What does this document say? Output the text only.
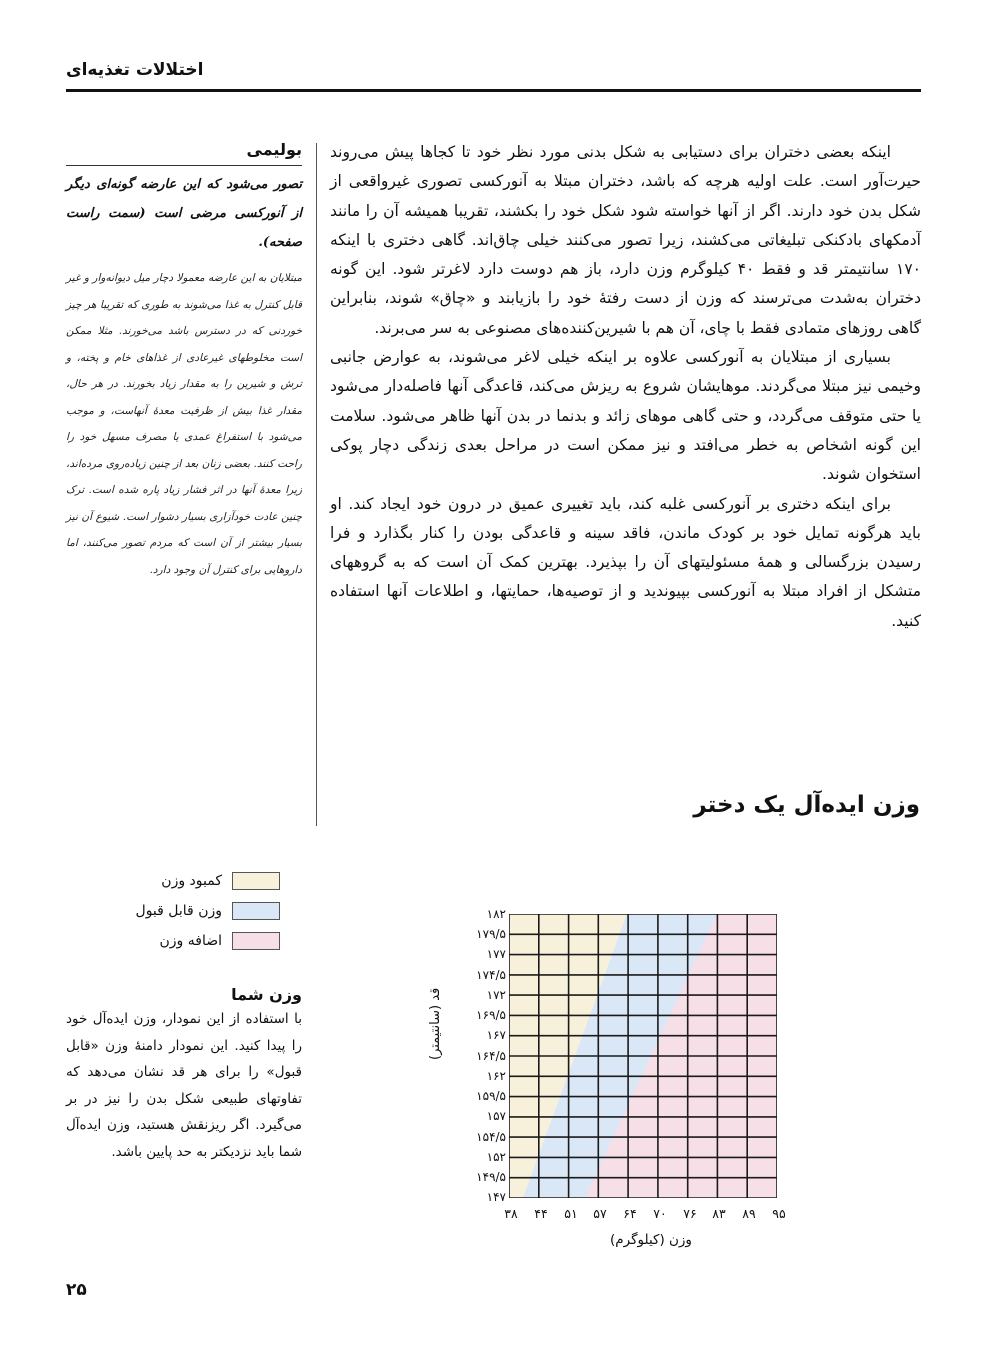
اختلالات تغذیه‌ای
بولیمی

تصور می‌شود که این عارضه گونه‌ای دیگر از آنورکسی مرضی است (سمت راست صفحه).

مبتلایان به این عارضه معمولا دچار میل دیوانه‌وار و غیر قابل کنترل به غذا می‌شوند به طوری که تقریبا هر چیز خوردنی که در دسترس باشد می‌خورند. مثلا ممکن است مخلوطهای غیرعادی از غذاهای خام و پخته، و ترش و شیرین را به مقدار زیاد بخورند. در هر حال، مقدار غذا بیش از ظرفیت معدهٔ آنهاست، و موجب می‌شود با استفراغ عمدی یا مصرف مسهل خود را راحت کنند. بعضی زنان بعد از چنین زیاده‌روی مرده‌اند، زیرا معدهٔ آنها در اثر فشار زیاد پاره شده است. ترک چنین عادت خودآزاری بسیار دشوار است. شیوع آن نیز بسیار بیشتر از آن است که مردم تصور می‌کنند، اما داروهایی برای کنترل آن وجود دارد.

اینکه بعضی دختران برای دستیابی به شکل بدنی مورد نظر خود تا کجاها پیش می‌روند حیرت‌آور است. علت اولیه هرچه که باشد، دختران مبتلا به آنورکسی تصوری غیرواقعی از شکل بدن خود دارند. اگر از آنها خواسته شود شکل خود را بکشند، تقریبا همیشه آن را مانند آدمکهای بادکنکی تبلیغاتی می‌کشند، زیرا تصور می‌کنند خیلی چاق‌اند. گاهی دختری با اینکه ۱۷۰ سانتیمتر قد و فقط ۴۰ کیلوگرم وزن دارد، باز هم دوست دارد لاغرتر شود. این گونه دختران به‌شدت می‌ترسند که وزن از دست رفتهٔ خود را بازیابند و «چاق» شوند، بنابراین گاهی روزهای متمادی فقط با چای، آن هم با شیرین‌کننده‌های مصنوعی به سر می‌برند.

بسیاری از مبتلایان به آنورکسی علاوه بر اینکه خیلی لاغر می‌شوند، به عوارض جانبی وخیمی نیز مبتلا می‌گردند. موهایشان شروع به ریزش می‌کند، قاعدگی آنها فاصله‌دار می‌شود یا حتی متوقف می‌گردد، و حتی گاهی موهای زائد و بدنما در بدن آنها ظاهر می‌شود. سلامت این گونه اشخاص به خطر می‌افتد و نیز ممکن است در مراحل بعدی زندگی دچار پوکی استخوان شوند.

برای اینکه دختری بر آنورکسی غلبه کند، باید تغییری عمیق در درون خود ایجاد کند. او باید هرگونه تمایل خود بر کودک ماندن، فاقد سینه و قاعدگی بودن را کنار بگذارد و فرا رسیدن بزرگسالی و همهٔ مسئولیتهای آن را بپذیرد. بهترین کمک آن است که به گروههای متشکل از افراد مبتلا به آنورکسی بپیوندید و از توصیه‌ها، حمایتها، و اطلاعات آنها استفاده کنید.

وزن ایده‌آل یک دختر
کمبود وزن
وزن قابل قبول
اضافه وزن
وزن شما

با استفاده از این نمودار، وزن ایده‌آل خود را پیدا کنید. این نمودار دامنهٔ وزن «قابل قبول» را برای هر قد نشان می‌دهد که تفاوتهای طبیعی شکل بدن را نیز در بر می‌گیرد. اگر ریزنقش هستید، وزن ایده‌آل شما باید نزدیکتر به حد پایین باشد.

۱۸۲
۱۷۹/۵
۱۷۷
۱۷۴/۵
۱۷۲
۱۶۹/۵
۱۶۷
۱۶۴/۵
۱۶۲
۱۵۹/۵
۱۵۷
۱۵۴/۵
۱۵۲
۱۴۹/۵
۱۴۷
۳۸	۴۴	۵۱	۵۷	۶۴	۷۰	۷۶	۸۳	۸۹	۹۵
قد (سانتیمتر)
وزن (کیلوگرم)
۲۵
